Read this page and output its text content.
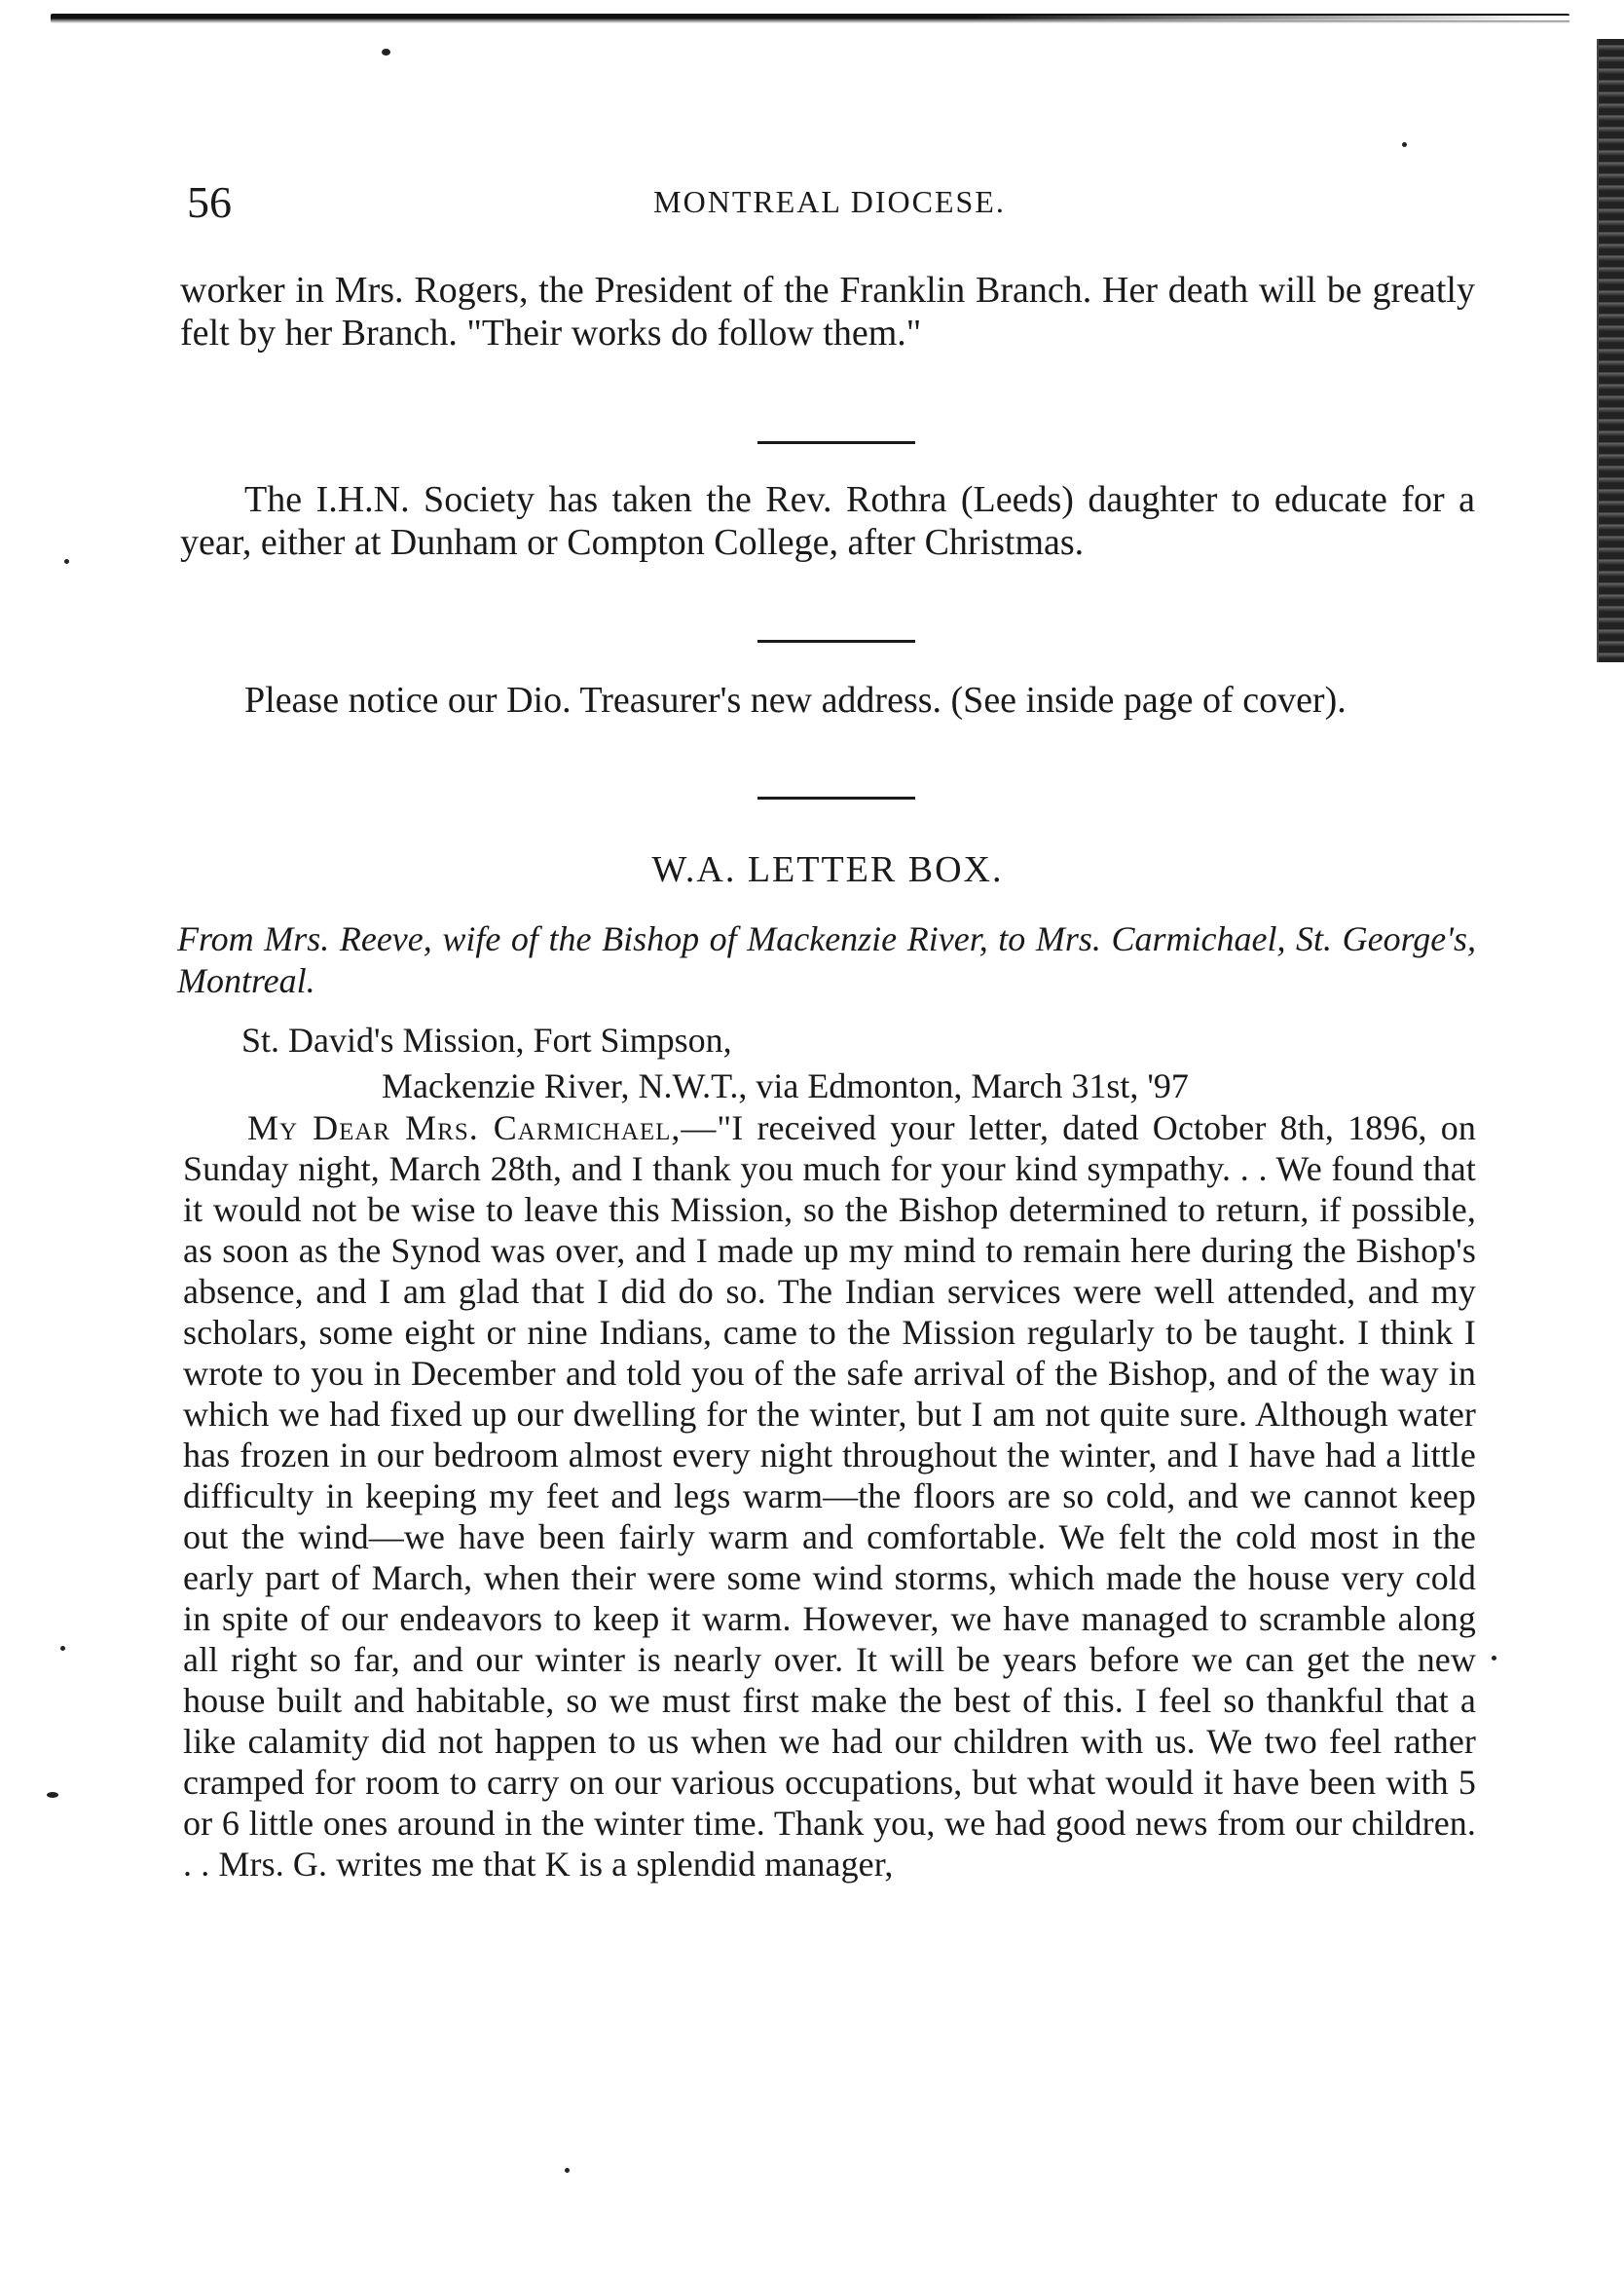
56	MONTREAL DIOCESE.
worker in Mrs. Rogers, the President of the Franklin Branch. Her death will be greatly felt by her Branch. "Their works do follow them."
The I.H.N. Society has taken the Rev. Rothra (Leeds) daughter to educate for a year, either at Dunham or Compton College, after Christmas.
Please notice our Dio. Treasurer's new address. (See inside page of cover).
W.A. LETTER BOX.
From Mrs. Reeve, wife of the Bishop of Mackenzie River, to Mrs. Carmichael, St. George's, Montreal.
St. David's Mission, Fort Simpson,
Mackenzie River, N.W.T., via Edmonton, March 31st, '97
My Dear Mrs. Carmichael,—"I received your letter, dated October 8th, 1896, on Sunday night, March 28th, and I thank you much for your kind sympathy. . . We found that it would not be wise to leave this Mission, so the Bishop determined to return, if possible, as soon as the Synod was over, and I made up my mind to remain here during the Bishop's absence, and I am glad that I did do so. The Indian services were well attended, and my scholars, some eight or nine Indians, came to the Mission regularly to be taught. I think I wrote to you in December and told you of the safe arrival of the Bishop, and of the way in which we had fixed up our dwelling for the winter, but I am not quite sure. Although water has frozen in our bedroom almost every night throughout the winter, and I have had a little difficulty in keeping my feet and legs warm—the floors are so cold, and we cannot keep out the wind—we have been fairly warm and comfortable. We felt the cold most in the early part of March, when their were some wind storms, which made the house very cold in spite of our endeavors to keep it warm. However, we have managed to scramble along all right so far, and our winter is nearly over. It will be years before we can get the new house built and habitable, so we must first make the best of this. I feel so thankful that a like calamity did not happen to us when we had our children with us. We two feel rather cramped for room to carry on our various occupations, but what would it have been with 5 or 6 little ones around in the winter time. Thank you, we had good news from our children. . . Mrs. G. writes me that K is a splendid manager,
